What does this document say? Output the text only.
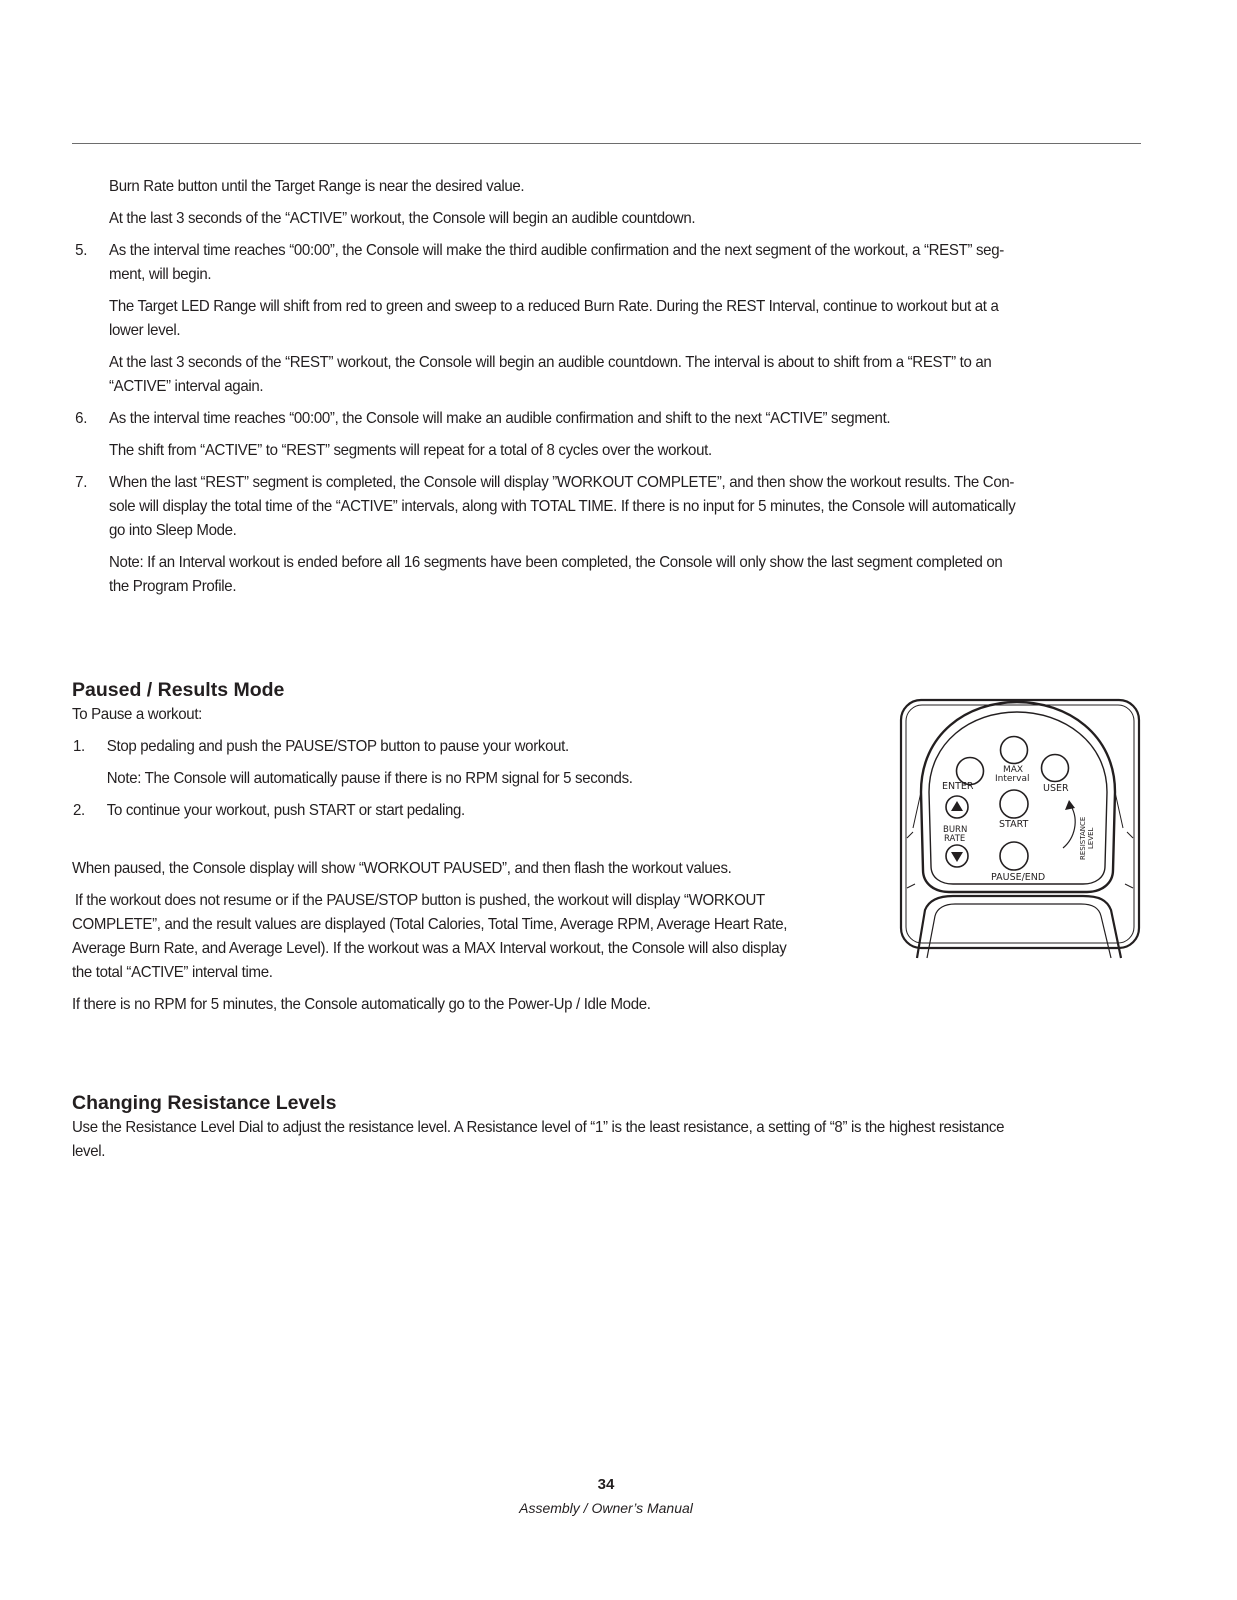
Burn Rate button until the Target Range is near the desired value.
At the last 3 seconds of the “ACTIVE” workout, the Console will begin an audible countdown.
5. As the interval time reaches “00:00”, the Console will make the third audible confirmation and the next segment of the workout, a “REST” seg-
ment, will begin.
The Target LED Range will shift from red to green and sweep to a reduced Burn Rate. During the REST Interval, continue to workout but at a
lower level.
At the last 3 seconds of the “REST” workout, the Console will begin an audible countdown. The interval is about to shift from a “REST” to an
“ACTIVE” interval again.
6. As the interval time reaches “00:00”, the Console will make an audible confirmation and shift to the next “ACTIVE” segment.
The shift from “ACTIVE” to “REST” segments will repeat for a total of 8 cycles over the workout.
7. When the last “REST” segment is completed, the Console will display ”WORKOUT COMPLETE”, and then show the workout results. The Con-
sole will display the total time of the “ACTIVE” intervals, along with TOTAL TIME. If there is no input for 5 minutes, the Console will automatically
go into Sleep Mode.
Note: If an Interval workout is ended before all 16 segments have been completed, the Console will only show the last segment completed on
the Program Profile.
Paused / Results Mode
To Pause a workout:
1. Stop pedaling and push the PAUSE/STOP button to pause your workout.
Note: The Console will automatically pause if there is no RPM signal for 5 seconds.
2. To continue your workout, push START or start pedaling.
When paused, the Console display will show “WORKOUT PAUSED”, and then flash the workout values.
If the workout does not resume or if the PAUSE/STOP button is pushed, the workout will display “WORKOUT
COMPLETE”, and the result values are displayed (Total Calories, Total Time, Average RPM, Average Heart Rate,
Average Burn Rate, and Average Level). If the workout was a MAX Interval workout, the Console will also display
the total “ACTIVE” interval time.
If there is no RPM for 5 minutes, the Console automatically go to the Power-Up / Idle Mode.
ENTER
MAX
Interval
USER
BURN
RATE
START
PAUSE/END
RESISTANCE LEVEL
Changing Resistance Levels
Use the Resistance Level Dial to adjust the resistance level. A Resistance level of “1” is the least resistance, a setting of “8” is the highest resistance
level.
34
Assembly / Owner’s Manual
